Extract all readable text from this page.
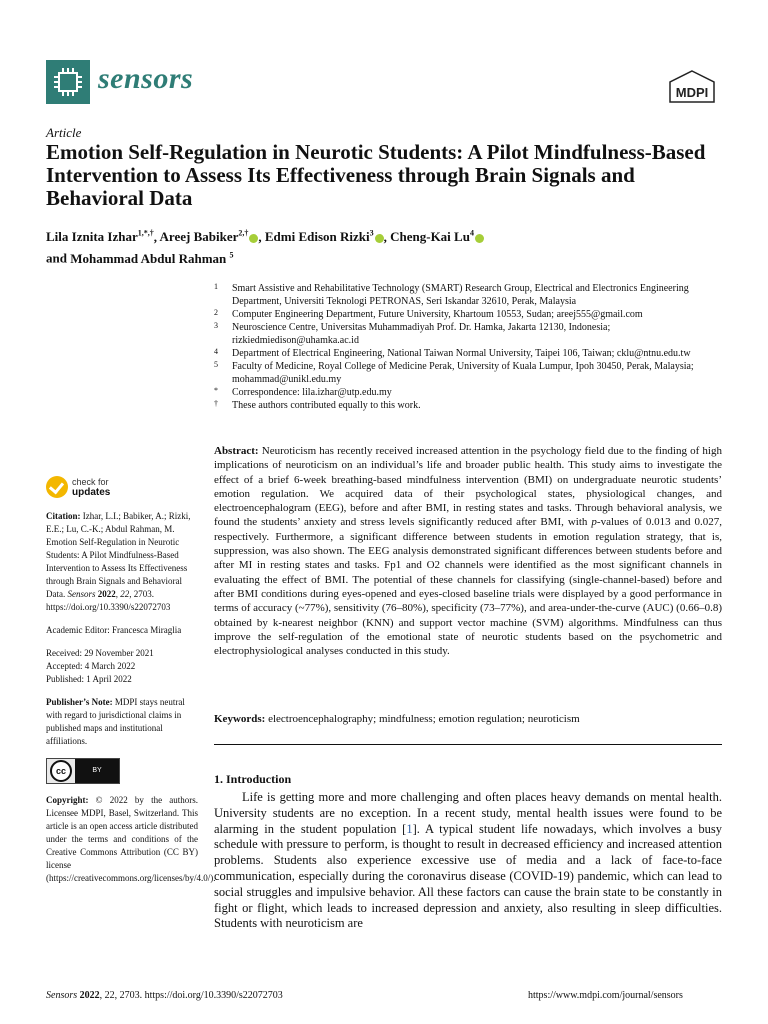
sensors	MDPI
Article
Emotion Self-Regulation in Neurotic Students: A Pilot Mindfulness-Based Intervention to Assess Its Effectiveness through Brain Signals and Behavioral Data
Lila Iznita Izhar$^{1,*,\dagger}$, Areej Babiker$^{2,\dagger}$ , Edmi Edison Rizki$^3$ , Cheng-Kai Lu$^4$
and Mohammad Abdul Rahman $^5$
1	Smart Assistive and Rehabilitative Technology (SMART) Research Group, Electrical and Electronics Engineering Department, Universiti Teknologi PETRONAS, Seri Iskandar 32610, Perak, Malaysia
2	Computer Engineering Department, Future University, Khartoum 10553, Sudan; areej555@gmail.com
3	Neuroscience Centre, Universitas Muhammadiyah Prof. Dr. Hamka, Jakarta 12130, Indonesia; rizkiedmiedison@uhamka.ac.id
4	Department of Electrical Engineering, National Taiwan Normal University, Taipei 106, Taiwan; cklu@ntnu.edu.tw
5	Faculty of Medicine, Royal College of Medicine Perak, University of Kuala Lumpur, Ipoh 30450, Perak, Malaysia; mohammad@unikl.edu.my
*	Correspondence: lila.izhar@utp.edu.my
†	These authors contributed equally to this work.
check for
updates
Citation: Izhar, L.I.; Babiker, A.; Rizki, E.E.; Lu, C.-K.; Abdul Rahman, M. Emotion Self-Regulation in Neurotic Students: A Pilot Mindfulness-Based Intervention to Assess Its Effectiveness through Brain Signals and Behavioral Data. Sensors 2022, 22, 2703. https://doi.org/10.3390/s22072703
Academic Editor: Francesca Miraglia
Received: 29 November 2021
Accepted: 4 March 2022
Published: 1 April 2022
Publisher’s Note: MDPI stays neutral with regard to jurisdictional claims in published maps and institutional affiliations.
cc	BY
Copyright: © 2022 by the authors. Licensee MDPI, Basel, Switzerland. This article is an open access article distributed under the terms and conditions of the Creative Commons Attribution (CC BY) license (https://creativecommons.org/licenses/by/4.0/).
Abstract: Neuroticism has recently received increased attention in the psychology field due to the finding of high implications of neuroticism on an individual’s life and broader public health. This study aims to investigate the effect of a brief 6-week breathing-based mindfulness intervention (BMI) on undergraduate neurotic students’ emotion regulation. We acquired data of their psychological states, physiological changes, and electroencephalogram (EEG), before and after BMI, in resting states and tasks. Through behavioral analysis, we found the students’ anxiety and stress levels significantly reduced after BMI, with p-values of 0.013 and 0.027, respectively. Furthermore, a significant difference between students in emotion regulation strategy, that is, suppression, was also shown. The EEG analysis demonstrated significant differences between students before and after MI in resting states and tasks. Fp1 and O2 channels were identified as the most significant channels in evaluating the effect of BMI. The potential of these channels for classifying (single-channel-based) before and after BMI conditions during eyes-opened and eyes-closed baseline trials were displayed by a good performance in terms of accuracy (~77%), sensitivity (76–80%), specificity (73–77%), and area-under-the-curve (AUC) (0.66–0.8) obtained by k-nearest neighbor (KNN) and support vector machine (SVM) algorithms. Mindfulness can thus improve the self-regulation of the emotional state of neurotic students based on the psychometric and electrophysiological analyses conducted in this study.
Keywords: electroencephalography; mindfulness; emotion regulation; neuroticism
1. Introduction
Life is getting more and more challenging and often places heavy demands on mental health. University students are no exception. In a recent study, mental health issues were found to be alarming in the student population [1]. A typical student life nowadays, which involves a busy schedule with pressure to perform, is thought to result in decreased efficiency and increased attention problems. Students also experience excessive use of media and a lack of face-to-face communication, especially during the coronavirus disease (COVID-19) pandemic, which can lead to social struggles and impulsive behavior. All these factors can cause the brain state to be constantly in fight or flight, which leads to increased depression and anxiety, also resulting in sleep difficulties. Students with neuroticism are
Sensors 2022, 22, 2703. https://doi.org/10.3390/s22072703	https://www.mdpi.com/journal/sensors
